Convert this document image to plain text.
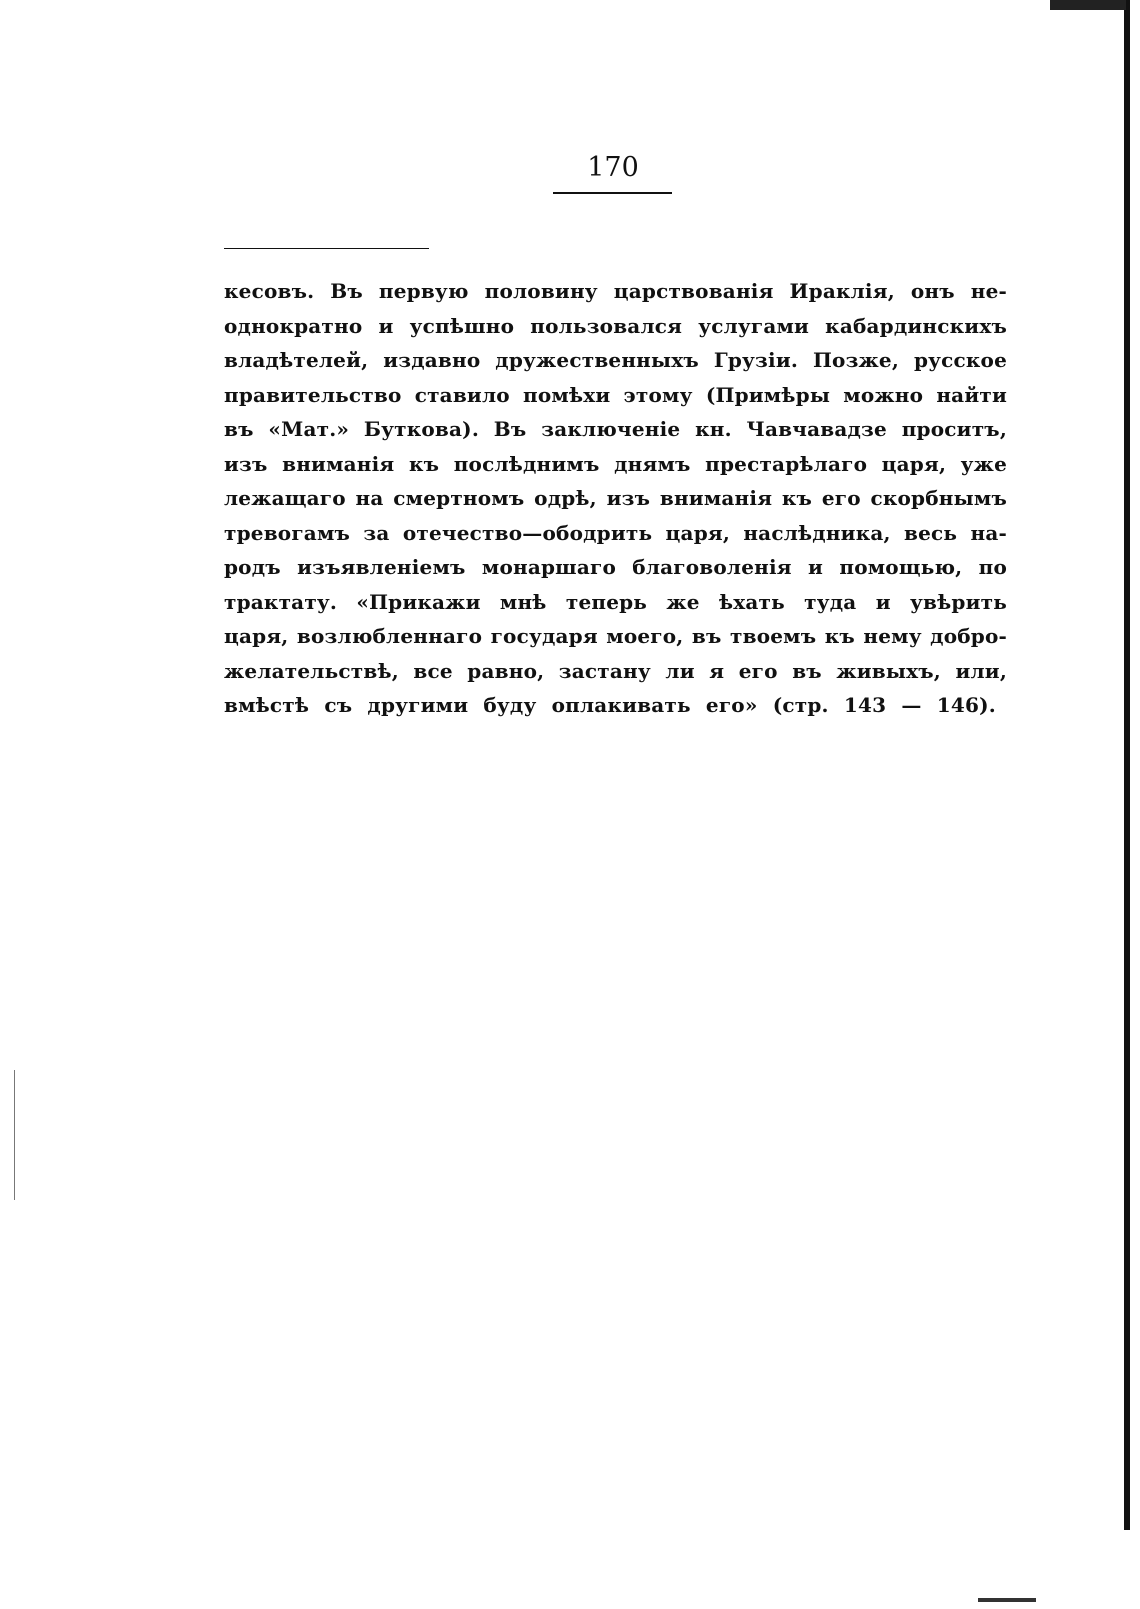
170
кесовъ. Въ первую половину царствованія Ираклія, онъ не-
однократно и успѣшно пользовался услугами кабардинскихъ
владѣтелей, издавно дружественныхъ Грузіи. Позже, русское
правительство ставило помѣхи этому (Примѣры можно найти
въ «Мат.» Буткова). Въ заключеніе кн. Чавчавадзе проситъ,
изъ вниманія къ послѣднимъ днямъ престарѣлаго царя, уже
лежащаго на смертномъ одрѣ, изъ вниманія къ его скорбнымъ
тревогамъ за отечество—ободрить царя, наслѣдника, весь на-
родъ изъявленіемъ монаршаго благоволенія и помощью, по
трактату. «Прикажи мнѣ теперь же ѣхать туда и увѣрить
царя, возлюбленнаго государя моего, въ твоемъ къ нему добро-
желательствѣ, все равно, застану ли я его въ живыхъ, или,
вмѣстѣ съ другими буду оплакивать его» (стр. 143 — 146).
